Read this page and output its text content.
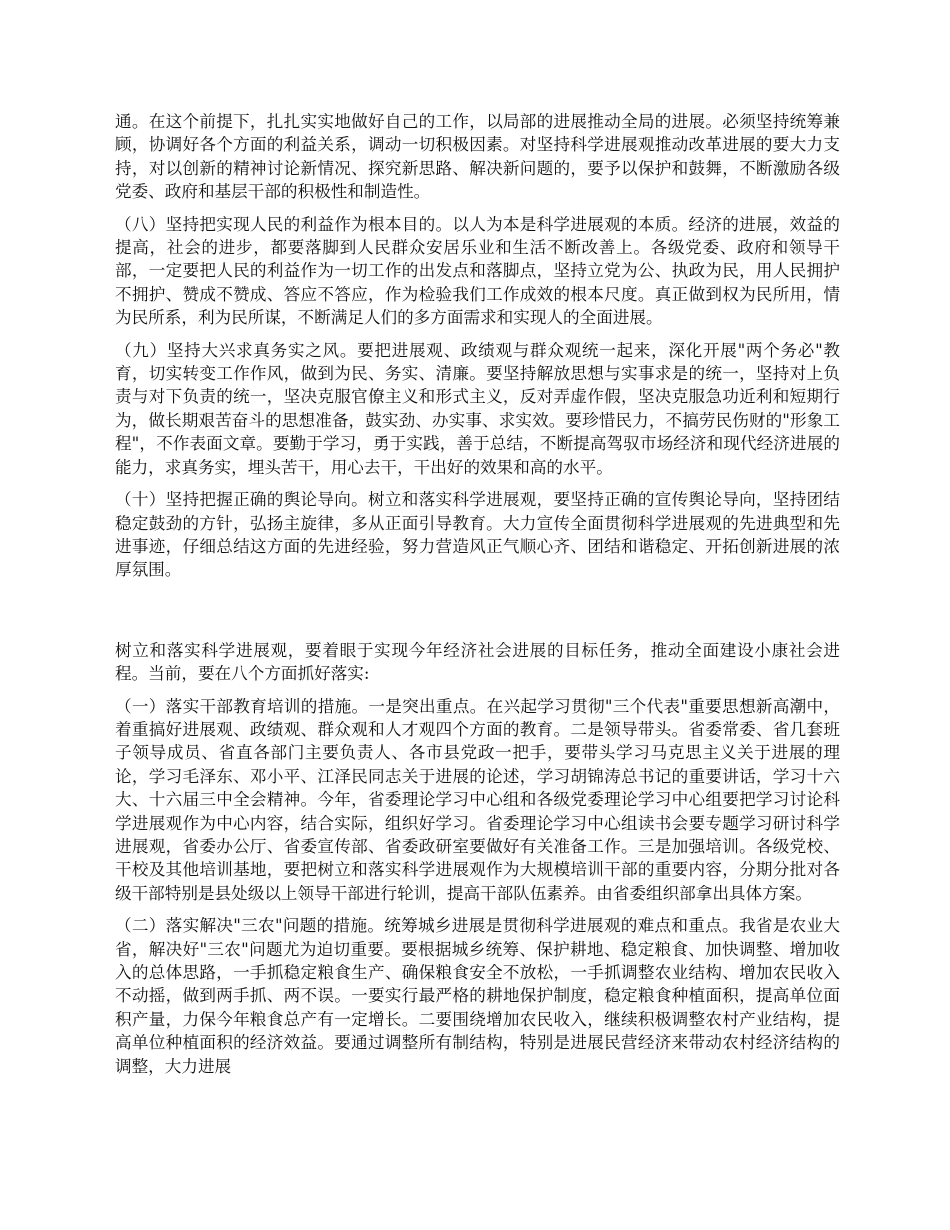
通。在这个前提下，扎扎实实地做好自己的工作，以局部的进展推动全局的进展。必须坚持统筹兼顾，协调好各个方面的利益关系，调动一切积极因素。对坚持科学进展观推动改革进展的要大力支持，对以创新的精神讨论新情况、探究新思路、解决新问题的，要予以保护和鼓舞，不断激励各级党委、政府和基层干部的积极性和制造性。

（八）坚持把实现人民的利益作为根本目的。以人为本是科学进展观的本质。经济的进展，效益的提高，社会的进步，都要落脚到人民群众安居乐业和生活不断改善上。各级党委、政府和领导干部，一定要把人民的利益作为一切工作的出发点和落脚点，坚持立党为公、执政为民，用人民拥护不拥护、赞成不赞成、答应不答应，作为检验我们工作成效的根本尺度。真正做到权为民所用，情为民所系，利为民所谋，不断满足人们的多方面需求和实现人的全面进展。

（九）坚持大兴求真务实之风。要把进展观、政绩观与群众观统一起来，深化开展"两个务必"教育，切实转变工作作风，做到为民、务实、清廉。要坚持解放思想与实事求是的统一，坚持对上负责与对下负责的统一，坚决克服官僚主义和形式主义，反对弄虚作假，坚决克服急功近利和短期行为，做长期艰苦奋斗的思想准备，鼓实劲、办实事、求实效。要珍惜民力，不搞劳民伤财的"形象工程"，不作表面文章。要勤于学习，勇于实践，善于总结，不断提高驾驭市场经济和现代经济进展的能力，求真务实，埋头苦干，用心去干，干出好的效果和高的水平。

（十）坚持把握正确的舆论导向。树立和落实科学进展观，要坚持正确的宣传舆论导向，坚持团结稳定鼓劲的方针，弘扬主旋律，多从正面引导教育。大力宣传全面贯彻科学进展观的先进典型和先进事迹，仔细总结这方面的先进经验，努力营造风正气顺心齐、团结和谐稳定、开拓创新进展的浓厚氛围。

树立和落实科学进展观，要着眼于实现今年经济社会进展的目标任务，推动全面建设小康社会进程。当前，要在八个方面抓好落实:

（一）落实干部教育培训的措施。一是突出重点。在兴起学习贯彻"三个代表"重要思想新高潮中，着重搞好进展观、政绩观、群众观和人才观四个方面的教育。二是领导带头。省委常委、省几套班子领导成员、省直各部门主要负责人、各市县党政一把手，要带头学习马克思主义关于进展的理论，学习毛泽东、邓小平、江泽民同志关于进展的论述，学习胡锦涛总书记的重要讲话，学习十六大、十六届三中全会精神。今年，省委理论学习中心组和各级党委理论学习中心组要把学习讨论科学进展观作为中心内容，结合实际，组织好学习。省委理论学习中心组读书会要专题学习研讨科学进展观，省委办公厅、省委宣传部、省委政研室要做好有关准备工作。三是加强培训。各级党校、干校及其他培训基地，要把树立和落实科学进展观作为大规模培训干部的重要内容，分期分批对各级干部特别是县处级以上领导干部进行轮训，提高干部队伍素养。由省委组织部拿出具体方案。

（二）落实解决"三农"问题的措施。统筹城乡进展是贯彻科学进展观的难点和重点。我省是农业大省，解决好"三农"问题尤为迫切重要。要根据城乡统筹、保护耕地、稳定粮食、加快调整、增加收入的总体思路，一手抓稳定粮食生产、确保粮食安全不放松，一手抓调整农业结构、增加农民收入不动摇，做到两手抓、两不误。一要实行最严格的耕地保护制度，稳定粮食种植面积，提高单位面积产量，力保今年粮食总产有一定增长。二要围绕增加农民收入，继续积极调整农村产业结构，提高单位种植面积的经济效益。要通过调整所有制结构，特别是进展民营经济来带动农村经济结构的调整，大力进展
